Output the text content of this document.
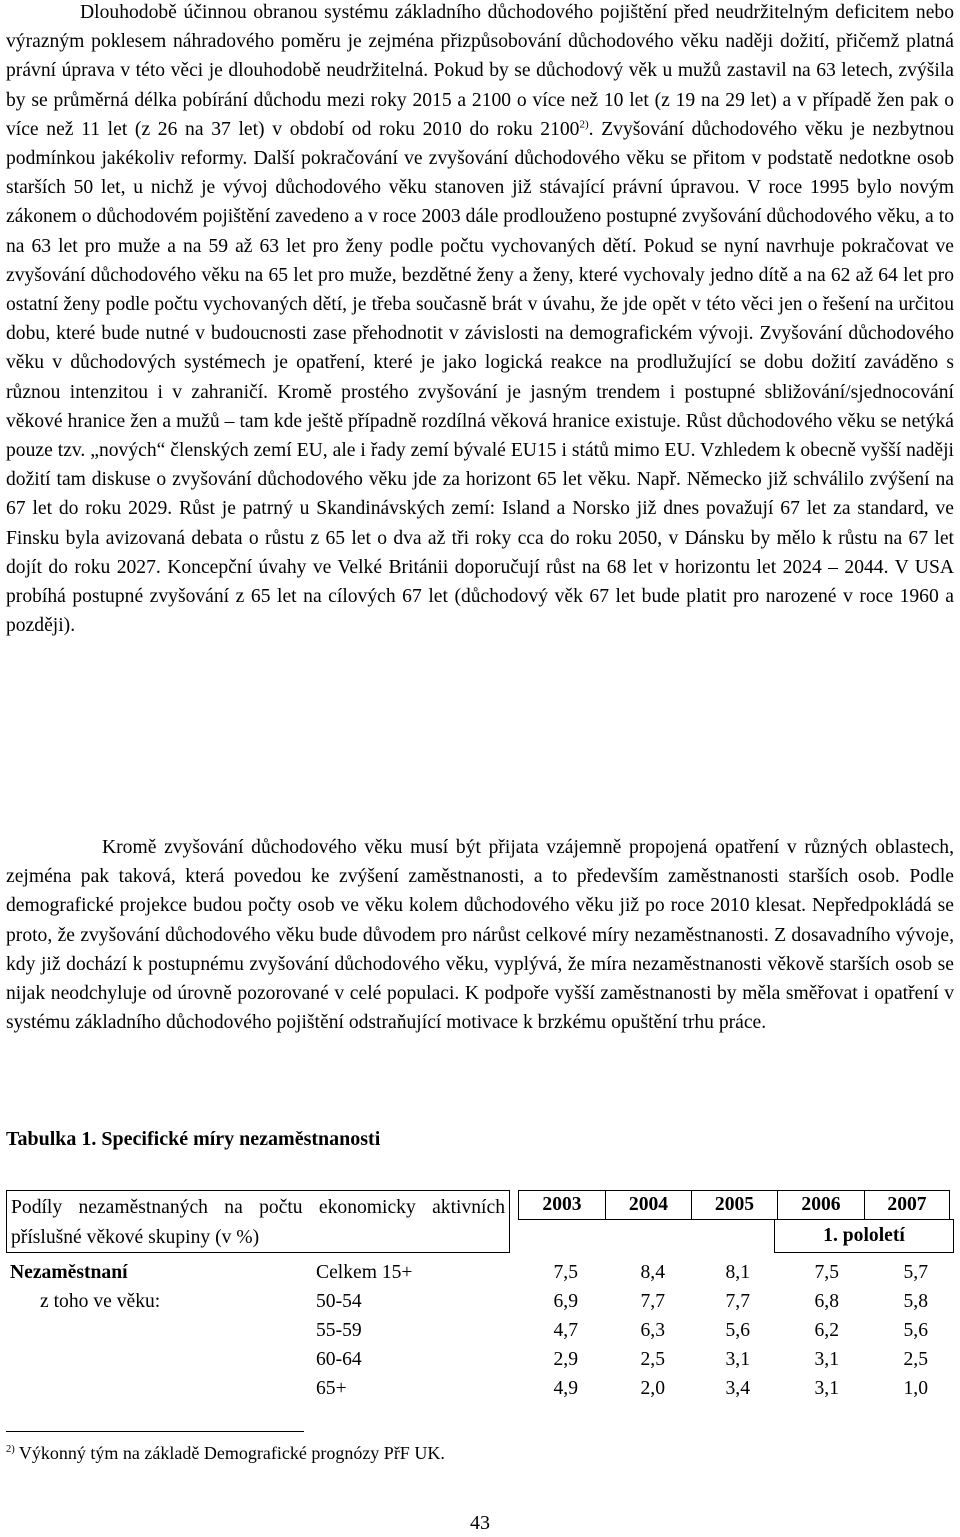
Dlouhodobě účinnou obranou systému základního důchodového pojištění před neudržitelným deficitem nebo výrazným poklesem náhradového poměru je zejména přizpůsobování důchodového věku naději dožití, přičemž platná právní úprava v této věci je dlouhodobě neudržitelná. Pokud by se důchodový věk u mužů zastavil na 63 letech, zvýšila by se průměrná délka pobírání důchodu mezi roky 2015 a 2100 o více než 10 let (z 19 na 29 let) a v případě žen pak o více než 11 let (z 26 na 37 let) v období od roku 2010 do roku 2100$^{2)}$. Zvyšování důchodového věku je nezbytnou podmínkou jakékoliv reformy. Další pokračování ve zvyšování důchodového věku se přitom v podstatě nedotkne osob starších 50 let, u nichž je vývoj důchodového věku stanoven již stávající právní úpravou. V roce 1995 bylo novým zákonem o důchodovém pojištění zavedeno a v roce 2003 dále prodlouženo postupné zvyšování důchodového věku, a to na 63 let pro muže a na 59 až 63 let pro ženy podle počtu vychovaných dětí. Pokud se nyní navrhuje pokračovat ve zvyšování důchodového věku na 65 let pro muže, bezdětné ženy a ženy, které vychovaly jedno dítě a na 62 až 64 let pro ostatní ženy podle počtu vychovaných dětí, je třeba současně brát v úvahu, že jde opět v této věci jen o řešení na určitou dobu, které bude nutné v budoucnosti zase přehodnotit v závislosti na demografickém vývoji. Zvyšování důchodového věku v důchodových systémech je opatření, které je jako logická reakce na prodlužující se dobu dožití zaváděno s různou intenzitou i v zahraničí. Kromě prostého zvyšování je jasným trendem i postupné sbližování/sjednocování věkové hranice žen a mužů – tam kde ještě případně rozdílná věková hranice existuje. Růst důchodového věku se netýká pouze tzv. „nových“ členských zemí EU, ale i řady zemí bývalé EU15 i států mimo EU. Vzhledem k obecně vyšší naději dožití tam diskuse o zvyšování důchodového věku jde za horizont 65 let věku. Např. Německo již schválilo zvýšení na 67 let do roku 2029. Růst je patrný u Skandinávských zemí: Island a Norsko již dnes považují 67 let za standard, ve Finsku byla avizovaná debata o růstu z 65 let o dva až tři roky cca do roku 2050, v Dánsku by mělo k růstu na 67 let dojít do roku 2027. Koncepční úvahy ve Velké Británii doporučují růst na 68 let v horizontu let 2024 – 2044. V USA probíhá postupné zvyšování z 65 let na cílových 67 let (důchodový věk 67 let bude platit pro narozené v roce 1960 a později).

Kromě zvyšování důchodového věku musí být přijata vzájemně propojená opatření v různých oblastech, zejména pak taková, která povedou ke zvýšení zaměstnanosti, a to především zaměstnanosti starších osob. Podle demografické projekce budou počty osob ve věku kolem důchodového věku již po roce 2010 klesat. Nepředpokládá se proto, že zvyšování důchodového věku bude důvodem pro nárůst celkové míry nezaměstnanosti. Z dosavadního vývoje, kdy již dochází k postupnému zvyšování důchodového věku, vyplývá, že míra nezaměstnanosti věkově starších osob se nijak neodchyluje od úrovně pozorované v celé populaci. K podpoře vyšší zaměstnanosti by měla směřovat i opatření v systému základního důchodového pojištění odstraňující motivace k brzkému opuštění trhu práce.

Tabulka 1. Specifické míry nezaměstnanosti
Podíly nezaměstnaných na počtu ekonomicky aktivních příslušné věkové skupiny (v %)
2003	2004	2005	2006	2007
1. pololetí
Nezaměstnaní	Celkem 15+	7,5	8,4	8,1	7,5	5,7
z toho ve věku:	50-54	6,9	7,7	7,7	6,8	5,8
55-59	4,7	6,3	5,6	6,2	5,6
60-64	2,9	2,5	3,1	3,1	2,5
65+	4,9	2,0	3,4	3,1	1,0
$^{2)}$ Výkonný tým na základě Demografické prognózy PřF UK.
43
